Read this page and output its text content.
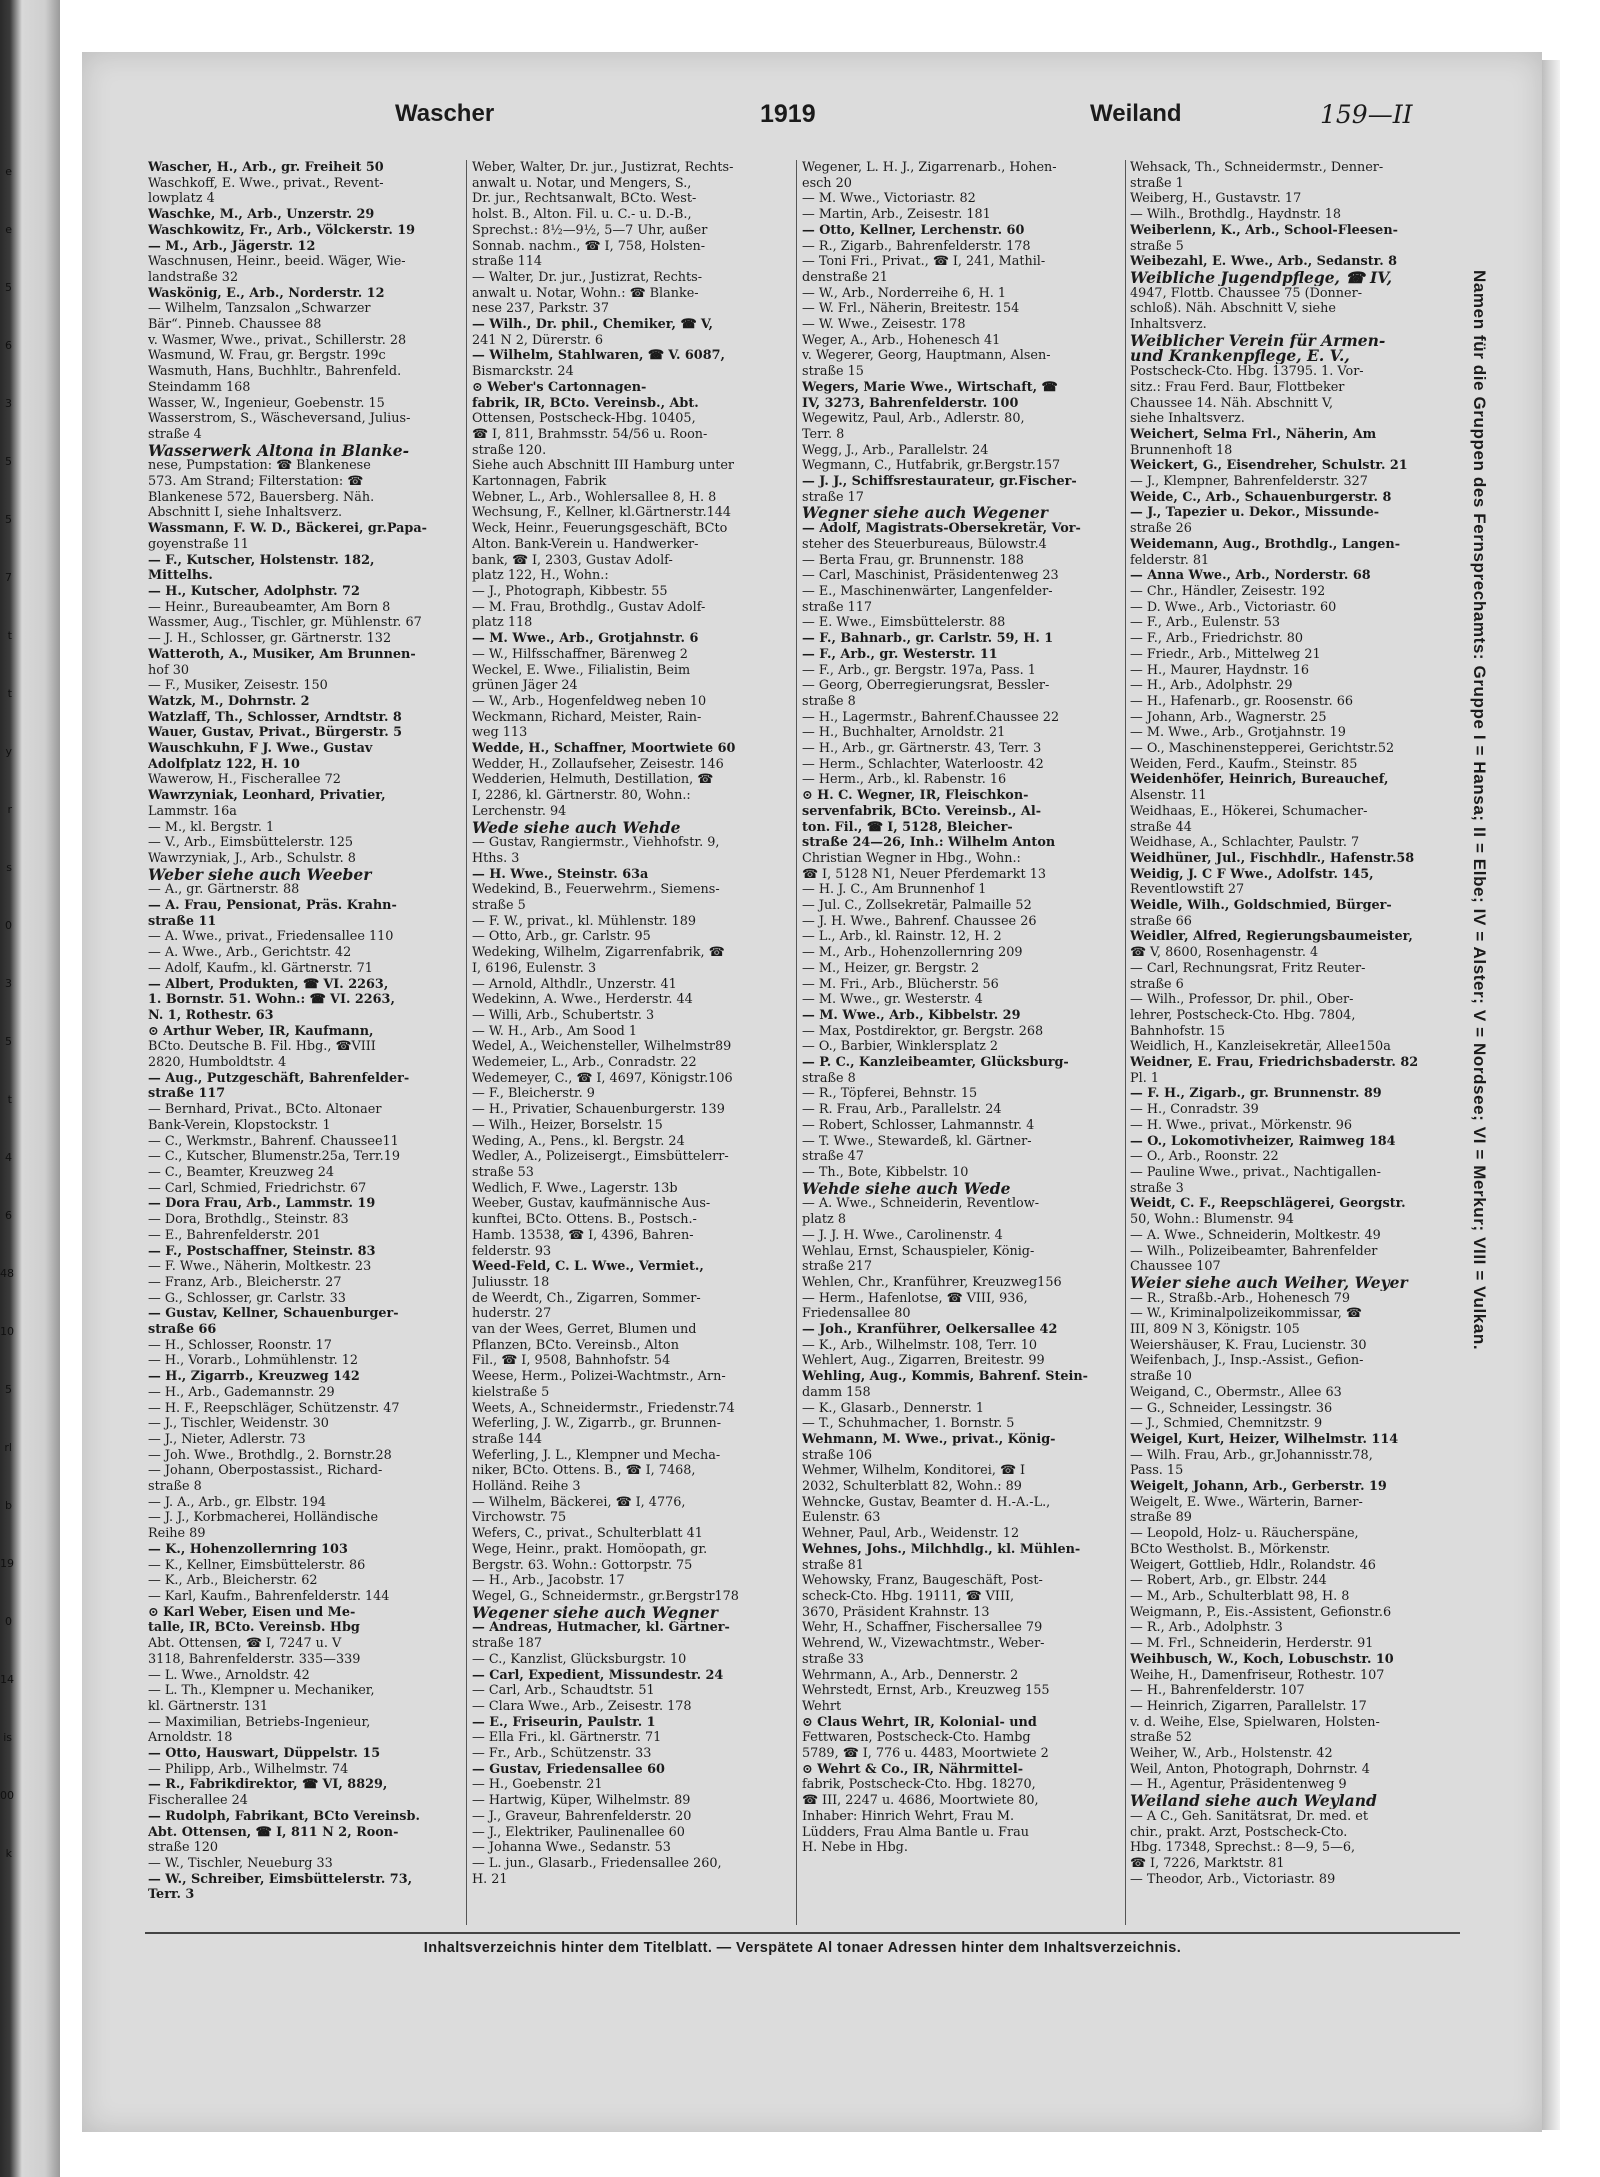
e
e
5
6
3
5
5
7
t
t
y
r
s
0
3
5
t
4
6
48
10
5
rl
b
19
0
14
is
00
k
Wascher	1919	Weiland	159—II
Wascher, H., Arb., gr. Freiheit 50
Waschkoff, E. Wwe., privat., Revent-
lowplatz 4
Waschke, M., Arb., Unzerstr. 29
Waschkowitz, Fr., Arb., Völckerstr. 19
— M., Arb., Jägerstr. 12
Waschnusen, Heinr., beeid. Wäger, Wie-
landstraße 32
Waskönig, E., Arb., Norderstr. 12
— Wilhelm, Tanzsalon „Schwarzer
Bär“. Pinneb. Chaussee 88
v. Wasmer, Wwe., privat., Schillerstr. 28
Wasmund, W. Frau, gr. Bergstr. 199c
Wasmuth, Hans, Buchhltr., Bahrenfeld.
Steindamm 168
Wasser, W., Ingenieur, Goebenstr. 15
Wasserstrom, S., Wäscheversand, Julius-
straße 4
Wasserwerk Altona in Blanke-
nese, Pumpstation: ☎ Blankenese
573. Am Strand; Filterstation: ☎
Blankenese 572, Bauersberg. Näh.
Abschnitt I, siehe Inhaltsverz.
Wassmann, F. W. D., Bäckerei, gr.Papa-
goyenstraße 11
— F., Kutscher, Holstenstr. 182,
Mittelhs.
— H., Kutscher, Adolphstr. 72
— Heinr., Bureaubeamter, Am Born 8
Wassmer, Aug., Tischler, gr. Mühlenstr. 67
— J. H., Schlosser, gr. Gärtnerstr. 132
Watteroth, A., Musiker, Am Brunnen-
hof 30
— F., Musiker, Zeisestr. 150
Watzk, M., Dohrnstr. 2
Watzlaff, Th., Schlosser, Arndtstr. 8
Wauer, Gustav, Privat., Bürgerstr. 5
Wauschkuhn, F J. Wwe., Gustav
Adolfplatz 122, H. 10
Wawerow, H., Fischerallee 72
Wawrzyniak, Leonhard, Privatier,
Lammstr. 16a
— M., kl. Bergstr. 1
— V., Arb., Eimsbüttelerstr. 125
Wawrzyniak, J., Arb., Schulstr. 8
Weber siehe auch Weeber
— A., gr. Gärtnerstr. 88
— A. Frau, Pensionat, Präs. Krahn-
straße 11
— A. Wwe., privat., Friedensallee 110
— A. Wwe., Arb., Gerichtstr. 42
— Adolf, Kaufm., kl. Gärtnerstr. 71
— Albert, Produkten, ☎ VI. 2263,
1. Bornstr. 51. Wohn.: ☎ VI. 2263,
N. 1, Rothestr. 63
⊙ Arthur Weber, IR, Kaufmann,
BCto. Deutsche B. Fil. Hbg., ☎VIII
2820, Humboldtstr. 4
— Aug., Putzgeschäft, Bahrenfelder-
straße 117
— Bernhard, Privat., BCto. Altonaer
Bank-Verein, Klopstockstr. 1
— C., Werkmstr., Bahrenf. Chaussee11
— C., Kutscher, Blumenstr.25a, Terr.19
— C., Beamter, Kreuzweg 24
— Carl, Schmied, Friedrichstr. 67
— Dora Frau, Arb., Lammstr. 19
— Dora, Brothdlg., Steinstr. 83
— E., Bahrenfelderstr. 201
— F., Postschaffner, Steinstr. 83
— F. Wwe., Näherin, Moltkestr. 23
— Franz, Arb., Bleicherstr. 27
— G., Schlosser, gr. Carlstr. 33
— Gustav, Kellner, Schauenburger-
straße 66
— H., Schlosser, Roonstr. 17
— H., Vorarb., Lohmühlenstr. 12
— H., Zigarrb., Kreuzweg 142
— H., Arb., Gademannstr. 29
— H. F., Reepschläger, Schützenstr. 47
— J., Tischler, Weidenstr. 30
— J., Nieter, Adlerstr. 73
— Joh. Wwe., Brothdlg., 2. Bornstr.28
— Johann, Oberpostassist., Richard-
straße 8
— J. A., Arb., gr. Elbstr. 194
— J. J., Korbmacherei, Holländische
Reihe 89
— K., Hohenzollernring 103
— K., Kellner, Eimsbüttelerstr. 86
— K., Arb., Bleicherstr. 62
— Karl, Kaufm., Bahrenfelderstr. 144
⊙ Karl Weber, Eisen und Me-
talle, IR, BCto. Vereinsb. Hbg
Abt. Ottensen, ☎ I, 7247 u. V
3118, Bahrenfelderstr. 335—339
— L. Wwe., Arnoldstr. 42
— L. Th., Klempner u. Mechaniker,
kl. Gärtnerstr. 131
— Maximilian, Betriebs-Ingenieur,
Arnoldstr. 18
— Otto, Hauswart, Düppelstr. 15
— Philipp, Arb., Wilhelmstr. 74
— R., Fabrikdirektor, ☎ VI, 8829,
Fischerallee 24
— Rudolph, Fabrikant, BCto Vereinsb.
Abt. Ottensen, ☎ I, 811 N 2, Roon-
straße 120
— W., Tischler, Neueburg 33
— W., Schreiber, Eimsbüttelerstr. 73,
Terr. 3
Weber, Walter, Dr. jur., Justizrat, Rechts-
anwalt u. Notar, und Mengers, S.,
Dr. jur., Rechtsanwalt, BCto. West-
holst. B., Alton. Fil. u. C.- u. D.-B.,
Sprechst.: 8½—9½, 5—7 Uhr, außer
Sonnab. nachm., ☎ I, 758, Holsten-
straße 114
— Walter, Dr. jur., Justizrat, Rechts-
anwalt u. Notar, Wohn.: ☎ Blanke-
nese 237, Parkstr. 37
— Wilh., Dr. phil., Chemiker, ☎ V,
241 N 2, Dürerstr. 6
— Wilhelm, Stahlwaren, ☎ V. 6087,
Bismarckstr. 24
⊙ Weber's Cartonnagen-
fabrik, IR, BCto. Vereinsb., Abt.
Ottensen, Postscheck-Hbg. 10405,
☎ I, 811, Brahmsstr. 54/56 u. Roon-
straße 120.
Siehe auch Abschnitt III Hamburg unter
Kartonnagen, Fabrik
Webner, L., Arb., Wohlersallee 8, H. 8
Wechsung, F., Kellner, kl.Gärtnerstr.144
Weck, Heinr., Feuerungsgeschäft, BCto
Alton. Bank-Verein u. Handwerker-
bank, ☎ I, 2303, Gustav Adolf-
platz 122, H., Wohn.:
— J., Photograph, Kibbestr. 55
— M. Frau, Brothdlg., Gustav Adolf-
platz 118
— M. Wwe., Arb., Grotjahnstr. 6
— W., Hilfsschaffner, Bärenweg 2
Weckel, E. Wwe., Filialistin, Beim
grünen Jäger 24
— W., Arb., Hogenfeldweg neben 10
Weckmann, Richard, Meister, Rain-
weg 113
Wedde, H., Schaffner, Moortwiete 60
Wedder, H., Zollaufseher, Zeisestr. 146
Wedderien, Helmuth, Destillation, ☎
I, 2286, kl. Gärtnerstr. 80, Wohn.:
Lerchenstr. 94
Wede siehe auch Wehde
— Gustav, Rangiermstr., Viehhofstr. 9,
Hths. 3
— H. Wwe., Steinstr. 63a
Wedekind, B., Feuerwehrm., Siemens-
straße 5
— F. W., privat., kl. Mühlenstr. 189
— Otto, Arb., gr. Carlstr. 95
Wedeking, Wilhelm, Zigarrenfabrik, ☎
I, 6196, Eulenstr. 3
— Arnold, Althdlr., Unzerstr. 41
Wedekinn, A. Wwe., Herderstr. 44
— Willi, Arb., Schubertstr. 3
— W. H., Arb., Am Sood 1
Wedel, A., Weichensteller, Wilhelmstr89
Wedemeier, L., Arb., Conradstr. 22
Wedemeyer, C., ☎ I, 4697, Königstr.106
— F., Bleicherstr. 9
— H., Privatier, Schauenburgerstr. 139
— Wilh., Heizer, Borselstr. 15
Weding, A., Pens., kl. Bergstr. 24
Wedler, A., Polizeisergt., Eimsbüttelerr-
straße 53
Wedlich, F. Wwe., Lagerstr. 13b
Weeber, Gustav, kaufmännische Aus-
kunftei, BCto. Ottens. B., Postsch.-
Hamb. 13538, ☎ I, 4396, Bahren-
felderstr. 93
Weed-Feld, C. L. Wwe., Vermiet.,
Juliusstr. 18
de Weerdt, Ch., Zigarren, Sommer-
huderstr. 27
van der Wees, Gerret, Blumen und
Pflanzen, BCto. Vereinsb., Alton
Fil., ☎ I, 9508, Bahnhofstr. 54
Weese, Herm., Polizei-Wachtmstr., Arn-
kielstraße 5
Weets, A., Schneidermstr., Friedenstr.74
Weferling, J. W., Zigarrb., gr. Brunnen-
straße 144
Weferling, J. L., Klempner und Mecha-
niker, BCto. Ottens. B., ☎ I, 7468,
Holländ. Reihe 3
— Wilhelm, Bäckerei, ☎ I, 4776,
Virchowstr. 75
Wefers, C., privat., Schulterblatt 41
Wege, Heinr., prakt. Homöopath, gr.
Bergstr. 63. Wohn.: Gottorpstr. 75
— H., Arb., Jacobstr. 17
Wegel, G., Schneidermstr., gr.Bergstr178
Wegener siehe auch Wegner
— Andreas, Hutmacher, kl. Gärtner-
straße 187
— C., Kanzlist, Glücksburgstr. 10
— Carl, Expedient, Missundestr. 24
— Carl, Arb., Schaudtstr. 51
— Clara Wwe., Arb., Zeisestr. 178
— E., Friseurin, Paulstr. 1
— Ella Fri., kl. Gärtnerstr. 71
— Fr., Arb., Schützenstr. 33
— Gustav, Friedensallee 60
— H., Goebenstr. 21
— Hartwig, Küper, Wilhelmstr. 89
— J., Graveur, Bahrenfelderstr. 20
— J., Elektriker, Paulinenallee 60
— Johanna Wwe., Sedanstr. 53
— L. jun., Glasarb., Friedensallee 260,
H. 21
Wegener, L. H. J., Zigarrenarb., Hohen-
esch 20
— M. Wwe., Victoriastr. 82
— Martin, Arb., Zeisestr. 181
— Otto, Kellner, Lerchenstr. 60
— R., Zigarb., Bahrenfelderstr. 178
— Toni Fri., Privat., ☎ I, 241, Mathil-
denstraße 21
— W., Arb., Norderreihe 6, H. 1
— W. Frl., Näherin, Breitestr. 154
— W. Wwe., Zeisestr. 178
Weger, A., Arb., Hohenesch 41
v. Wegerer, Georg, Hauptmann, Alsen-
straße 15
Wegers, Marie Wwe., Wirtschaft, ☎
IV, 3273, Bahrenfelderstr. 100
Wegewitz, Paul, Arb., Adlerstr. 80,
Terr. 8
Wegg, J., Arb., Parallelstr. 24
Wegmann, C., Hutfabrik, gr.Bergstr.157
— J. J., Schiffsrestaurateur, gr.Fischer-
straße 17
Wegner siehe auch Wegener
— Adolf, Magistrats-Obersekretär, Vor-
steher des Steuerbureaus, Bülowstr.4
— Berta Frau, gr. Brunnenstr. 188
— Carl, Maschinist, Präsidentenweg 23
— E., Maschinenwärter, Langenfelder-
straße 117
— E. Wwe., Eimsbüttelerstr. 88
— F., Bahnarb., gr. Carlstr. 59, H. 1
— F., Arb., gr. Westerstr. 11
— F., Arb., gr. Bergstr. 197a, Pass. 1
— Georg, Oberregierungsrat, Bessler-
straße 8
— H., Lagermstr., Bahrenf.Chaussee 22
— H., Buchhalter, Arnoldstr. 21
— H., Arb., gr. Gärtnerstr. 43, Terr. 3
— Herm., Schlachter, Waterloostr. 42
— Herm., Arb., kl. Rabenstr. 16
⊙ H. C. Wegner, IR, Fleischkon-
servenfabrik, BCto. Vereinsb., Al-
ton. Fil., ☎ I, 5128, Bleicher-
straße 24—26, Inh.: Wilhelm Anton
Christian Wegner in Hbg., Wohn.:
☎ I, 5128 N1, Neuer Pferdemarkt 13
— H. J. C., Am Brunnenhof 1
— Jul. C., Zollsekretär, Palmaille 52
— J. H. Wwe., Bahrenf. Chaussee 26
— L., Arb., kl. Rainstr. 12, H. 2
— M., Arb., Hohenzollernring 209
— M., Heizer, gr. Bergstr. 2
— M. Fri., Arb., Blücherstr. 56
— M. Wwe., gr. Westerstr. 4
— M. Wwe., Arb., Kibbelstr. 29
— Max, Postdirektor, gr. Bergstr. 268
— O., Barbier, Winklersplatz 2
— P. C., Kanzleibeamter, Glücksburg-
straße 8
— R., Töpferei, Behnstr. 15
— R. Frau, Arb., Parallelstr. 24
— Robert, Schlosser, Lahmannstr. 4
— T. Wwe., Stewardeß, kl. Gärtner-
straße 47
— Th., Bote, Kibbelstr. 10
Wehde siehe auch Wede
— A. Wwe., Schneiderin, Reventlow-
platz 8
— J. J. H. Wwe., Carolinenstr. 4
Wehlau, Ernst, Schauspieler, König-
straße 217
Wehlen, Chr., Kranführer, Kreuzweg156
— Herm., Hafenlotse, ☎ VIII, 936,
Friedensallee 80
— Joh., Kranführer, Oelkersallee 42
— K., Arb., Wilhelmstr. 108, Terr. 10
Wehlert, Aug., Zigarren, Breitestr. 99
Wehling, Aug., Kommis, Bahrenf. Stein-
damm 158
— K., Glasarb., Dennerstr. 1
— T., Schuhmacher, 1. Bornstr. 5
Wehmann, M. Wwe., privat., König-
straße 106
Wehmer, Wilhelm, Konditorei, ☎ I
2032, Schulterblatt 82, Wohn.: 89
Wehncke, Gustav, Beamter d. H.-A.-L.,
Eulenstr. 63
Wehner, Paul, Arb., Weidenstr. 12
Wehnes, Johs., Milchhdlg., kl. Mühlen-
straße 81
Wehowsky, Franz, Baugeschäft, Post-
scheck-Cto. Hbg. 19111, ☎ VIII,
3670, Präsident Krahnstr. 13
Wehr, H., Schaffner, Fischersallee 79
Wehrend, W., Vizewachtmstr., Weber-
straße 33
Wehrmann, A., Arb., Dennerstr. 2
Wehrstedt, Ernst, Arb., Kreuzweg 155
Wehrt
⊙ Claus Wehrt, IR, Kolonial- und
Fettwaren, Postscheck-Cto. Hambg
5789, ☎ I, 776 u. 4483, Moortwiete 2
⊙ Wehrt & Co., IR, Nährmittel-
fabrik, Postscheck-Cto. Hbg. 18270,
☎ III, 2247 u. 4686, Moortwiete 80,
Inhaber: Hinrich Wehrt, Frau M.
Lüdders, Frau Alma Bantle u. Frau
H. Nebe in Hbg.
Wehsack, Th., Schneidermstr., Denner-
straße 1
Weiberg, H., Gustavstr. 17
— Wilh., Brothdlg., Haydnstr. 18
Weiberlenn, K., Arb., School-Fleesen-
straße 5
Weibezahl, E. Wwe., Arb., Sedanstr. 8
Weibliche Jugendpflege, ☎ IV,
4947, Flottb. Chaussee 75 (Donner-
schloß). Näh. Abschnitt V, siehe
Inhaltsverz.
Weiblicher Verein für Armen-
und Krankenpflege, E. V.,
Postscheck-Cto. Hbg. 13795. 1. Vor-
sitz.: Frau Ferd. Baur, Flottbeker
Chaussee 14. Näh. Abschnitt V,
siehe Inhaltsverz.
Weichert, Selma Frl., Näherin, Am
Brunnenhoft 18
Weickert, G., Eisendreher, Schulstr. 21
— J., Klempner, Bahrenfelderstr. 327
Weide, C., Arb., Schauenburgerstr. 8
— J., Tapezier u. Dekor., Missunde-
straße 26
Weidemann, Aug., Brothdlg., Langen-
felderstr. 81
— Anna Wwe., Arb., Norderstr. 68
— Chr., Händler, Zeisestr. 192
— D. Wwe., Arb., Victoriastr. 60
— F., Arb., Eulenstr. 53
— F., Arb., Friedrichstr. 80
— Friedr., Arb., Mittelweg 21
— H., Maurer, Haydnstr. 16
— H., Arb., Adolphstr. 29
— H., Hafenarb., gr. Roosenstr. 66
— Johann, Arb., Wagnerstr. 25
— M. Wwe., Arb., Grotjahnstr. 19
— O., Maschinenstepperei, Gerichtstr.52
Weiden, Ferd., Kaufm., Steinstr. 85
Weidenhöfer, Heinrich, Bureauchef,
Alsenstr. 11
Weidhaas, E., Hökerei, Schumacher-
straße 44
Weidhase, A., Schlachter, Paulstr. 7
Weidhüner, Jul., Fischhdlr., Hafenstr.58
Weidig, J. C F Wwe., Adolfstr. 145,
Reventlowstift 27
Weidle, Wilh., Goldschmied, Bürger-
straße 66
Weidler, Alfred, Regierungsbaumeister,
☎ V, 8600, Rosenhagenstr. 4
— Carl, Rechnungsrat, Fritz Reuter-
straße 6
— Wilh., Professor, Dr. phil., Ober-
lehrer, Postscheck-Cto. Hbg. 7804,
Bahnhofstr. 15
Weidlich, H., Kanzleisekretär, Allee150a
Weidner, E. Frau, Friedrichsbaderstr. 82
Pl. 1
— F. H., Zigarb., gr. Brunnenstr. 89
— H., Conradstr. 39
— H. Wwe., privat., Mörkenstr. 96
— O., Lokomotivheizer, Raimweg 184
— O., Arb., Roonstr. 22
— Pauline Wwe., privat., Nachtigallen-
straße 3
Weidt, C. F., Reepschlägerei, Georgstr.
50, Wohn.: Blumenstr. 94
— A. Wwe., Schneiderin, Moltkestr. 49
— Wilh., Polizeibeamter, Bahrenfelder
Chaussee 107
Weier siehe auch Weiher, Weyer
— R., Straßb.-Arb., Hohenesch 79
— W., Kriminalpolizeikommissar, ☎
III, 809 N 3, Königstr. 105
Weiershäuser, K. Frau, Lucienstr. 30
Weifenbach, J., Insp.-Assist., Gefion-
straße 10
Weigand, C., Obermstr., Allee 63
— G., Schneider, Lessingstr. 36
— J., Schmied, Chemnitzstr. 9
Weigel, Kurt, Heizer, Wilhelmstr. 114
— Wilh. Frau, Arb., gr.Johannisstr.78,
Pass. 15
Weigelt, Johann, Arb., Gerberstr. 19
Weigelt, E. Wwe., Wärterin, Barner-
straße 89
— Leopold, Holz- u. Räucherspäne,
BCto Westholst. B., Mörkenstr.
Weigert, Gottlieb, Hdlr., Rolandstr. 46
— Robert, Arb., gr. Elbstr. 244
— M., Arb., Schulterblatt 98, H. 8
Weigmann, P., Eis.-Assistent, Gefionstr.6
— R., Arb., Adolphstr. 3
— M. Frl., Schneiderin, Herderstr. 91
Weihbusch, W., Koch, Lobuschstr. 10
Weihe, H., Damenfriseur, Rothestr. 107
— H., Bahrenfelderstr. 107
— Heinrich, Zigarren, Parallelstr. 17
v. d. Weihe, Else, Spielwaren, Holsten-
straße 52
Weiher, W., Arb., Holstenstr. 42
Weil, Anton, Photograph, Dohrnstr. 4
— H., Agentur, Präsidentenweg 9
Weiland siehe auch Weyland
— A C., Geh. Sanitätsrat, Dr. med. et
chir., prakt. Arzt, Postscheck-Cto.
Hbg. 17348, Sprechst.: 8—9, 5—6,
☎ I, 7226, Marktstr. 81
— Theodor, Arb., Victoriastr. 89
Namen für die Gruppen des Fernsprechamts: Gruppe I = Hansa; II = Elbe; IV = Alster; V = Nordsee; VI = Merkur; VIII = Vulkan.
Inhaltsverzeichnis hinter dem Titelblatt. — Verspätete Al tonaer Adressen hinter dem Inhaltsverzeichnis.
